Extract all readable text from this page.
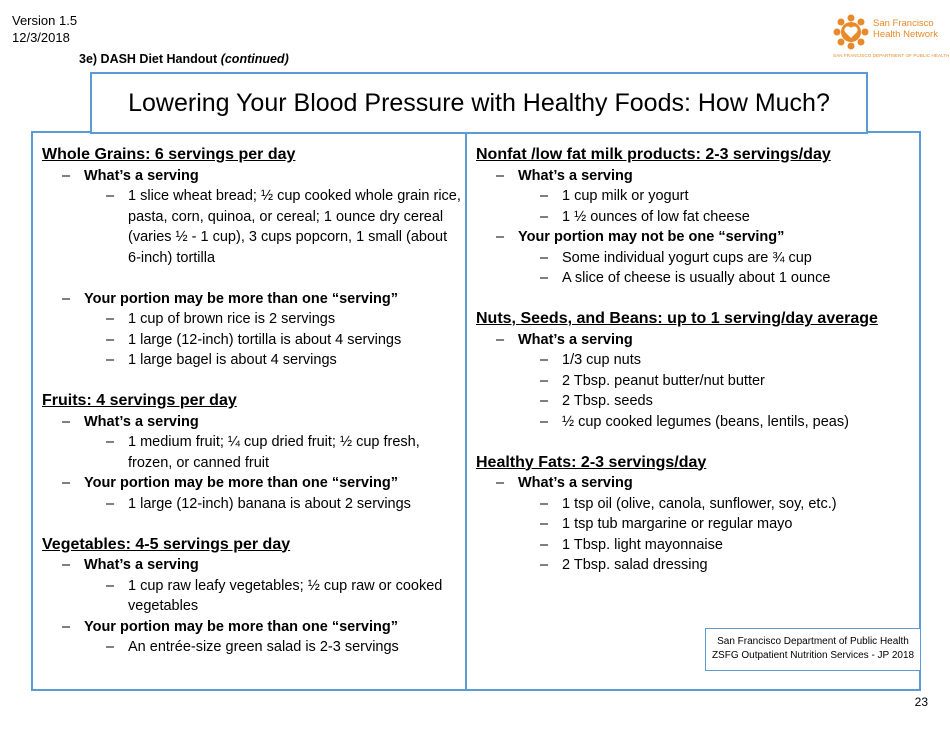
Version 1.5
12/3/2018
3e) DASH Diet Handout (continued)
San Francisco
Health Network
SAN FRANCISCO DEPARTMENT OF PUBLIC HEALTH
Whole Grains: 6 servings per day
– What’s a serving
– 1 slice wheat bread; ½ cup cooked whole grain rice, pasta, corn, quinoa, or cereal; 1 ounce dry cereal (varies ½ - 1 cup), 3 cups popcorn, 1 small (about 6-inch) tortilla
– Your portion may be more than one “serving”
– 1 cup of brown rice is 2 servings
– 1 large (12-inch) tortilla is about 4 servings
– 1 large bagel is about 4 servings
Fruits: 4 servings per day
– What’s a serving
– 1 medium fruit; ¼ cup dried fruit; ½ cup fresh, frozen, or canned fruit
– Your portion may be more than one “serving”
– 1 large (12-inch) banana is about 2 servings
Vegetables: 4-5 servings per day
– What’s a serving
– 1 cup raw leafy vegetables; ½ cup raw or cooked vegetables
– Your portion may be more than one “serving”
– An entrée-size green salad is 2-3 servings
Nonfat /low fat milk products: 2-3 servings/day
– What’s a serving
– 1 cup milk or yogurt
– 1 ½ ounces of low fat cheese
– Your portion may not be one “serving”
– Some individual yogurt cups are ¾ cup
– A slice of cheese is usually about 1 ounce
Nuts, Seeds, and Beans: up to 1 serving/day average
– What’s a serving
– 1/3 cup nuts
– 2 Tbsp. peanut butter/nut butter
– 2 Tbsp. seeds
– ½ cup cooked legumes (beans, lentils, peas)
Healthy Fats: 2-3 servings/day
– What’s a serving
– 1 tsp oil (olive, canola, sunflower, soy, etc.)
– 1 tsp tub margarine or regular mayo
– 1 Tbsp. light mayonnaise
– 2 Tbsp. salad dressing
Lowering Your Blood Pressure with Healthy Foods: How Much?
San Francisco Department of Public Health
ZSFG Outpatient Nutrition Services - JP 2018
23
